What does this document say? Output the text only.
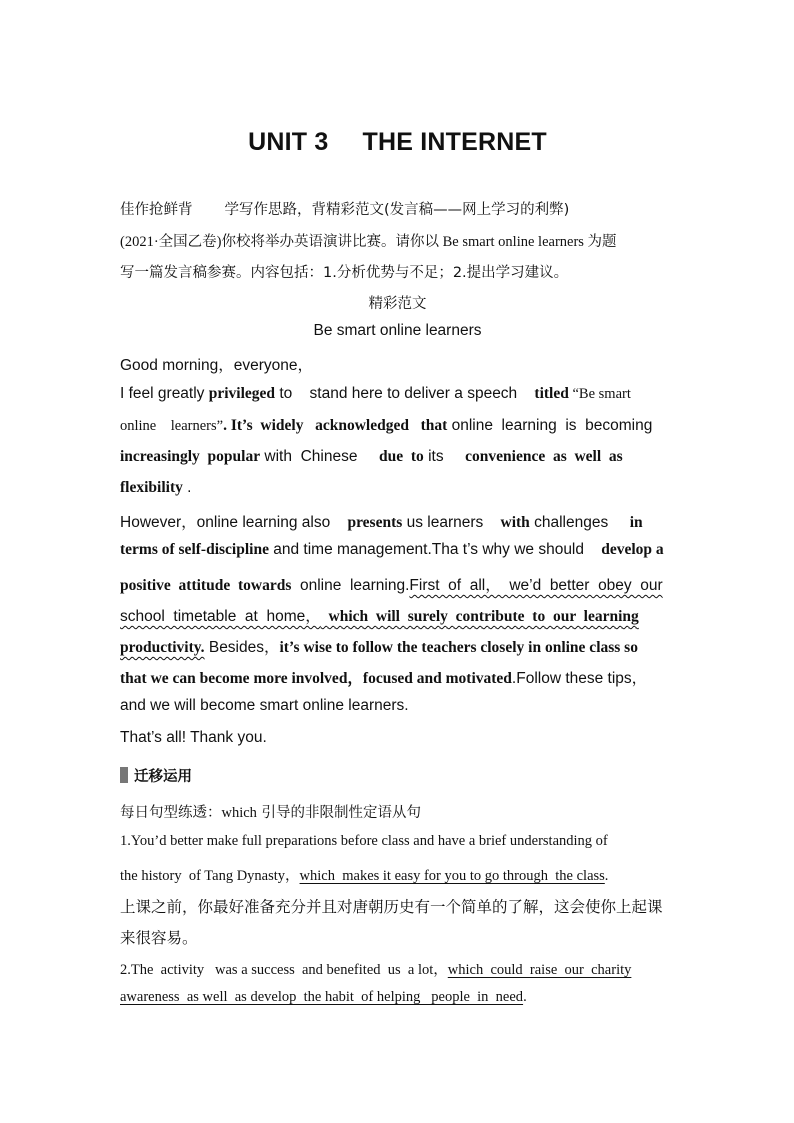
UNIT 3 THE INTERNET
佳作抢鲜背 学写作思路，背精彩范文(发言稿——网上学习的利弊)
(2021·全国乙卷)你校将举办英语演讲比赛。请你以 Be smart online learners 为题
写一篇发言稿参赛。内容包括：1.分析优势与不足；2.提出学习建议。
精彩范文
Be smart online learners
Good morning，everyone，
I feel greatly privileged to    stand here to deliver a speech    titled “Be smart
online    learners”. It’s  widely   acknowledged   that online  learning  is  becoming
increasingly  popular with  Chinese     due  to its     convenience  as  well  as
flexibility .
However，online learning also    presents us learners    with challenges     in
terms of self-discipline and time management.Tha t’s why we should    develop a
positive  attitude  towards  online  learning.First  of  all，  we’d  better  obey  our
school  timetable  at  home，  which  will  surely  contribute  to  our  learning
productivity. Besides，it’s wise to follow the teachers closely in online class so
that we can become more involved，focused and motivated.Follow these tips，
and we will become smart online learners.
That’s all! Thank you.
迁移运用
每日句型练透：which 引导的非限制性定语从句
1.You’d better make full preparations before class and have a brief understanding of
the history  of Tang Dynasty，which  makes it easy for you to go through  the class.
上课之前，你最好准备充分并且对唐朝历史有一个简单的了解，这会使你上起课
来很容易。
2.The  activity   was a success  and benefited  us  a lot，which  could  raise  our  charity
awareness  as well  as develop  the habit  of helping   people  in  need.
